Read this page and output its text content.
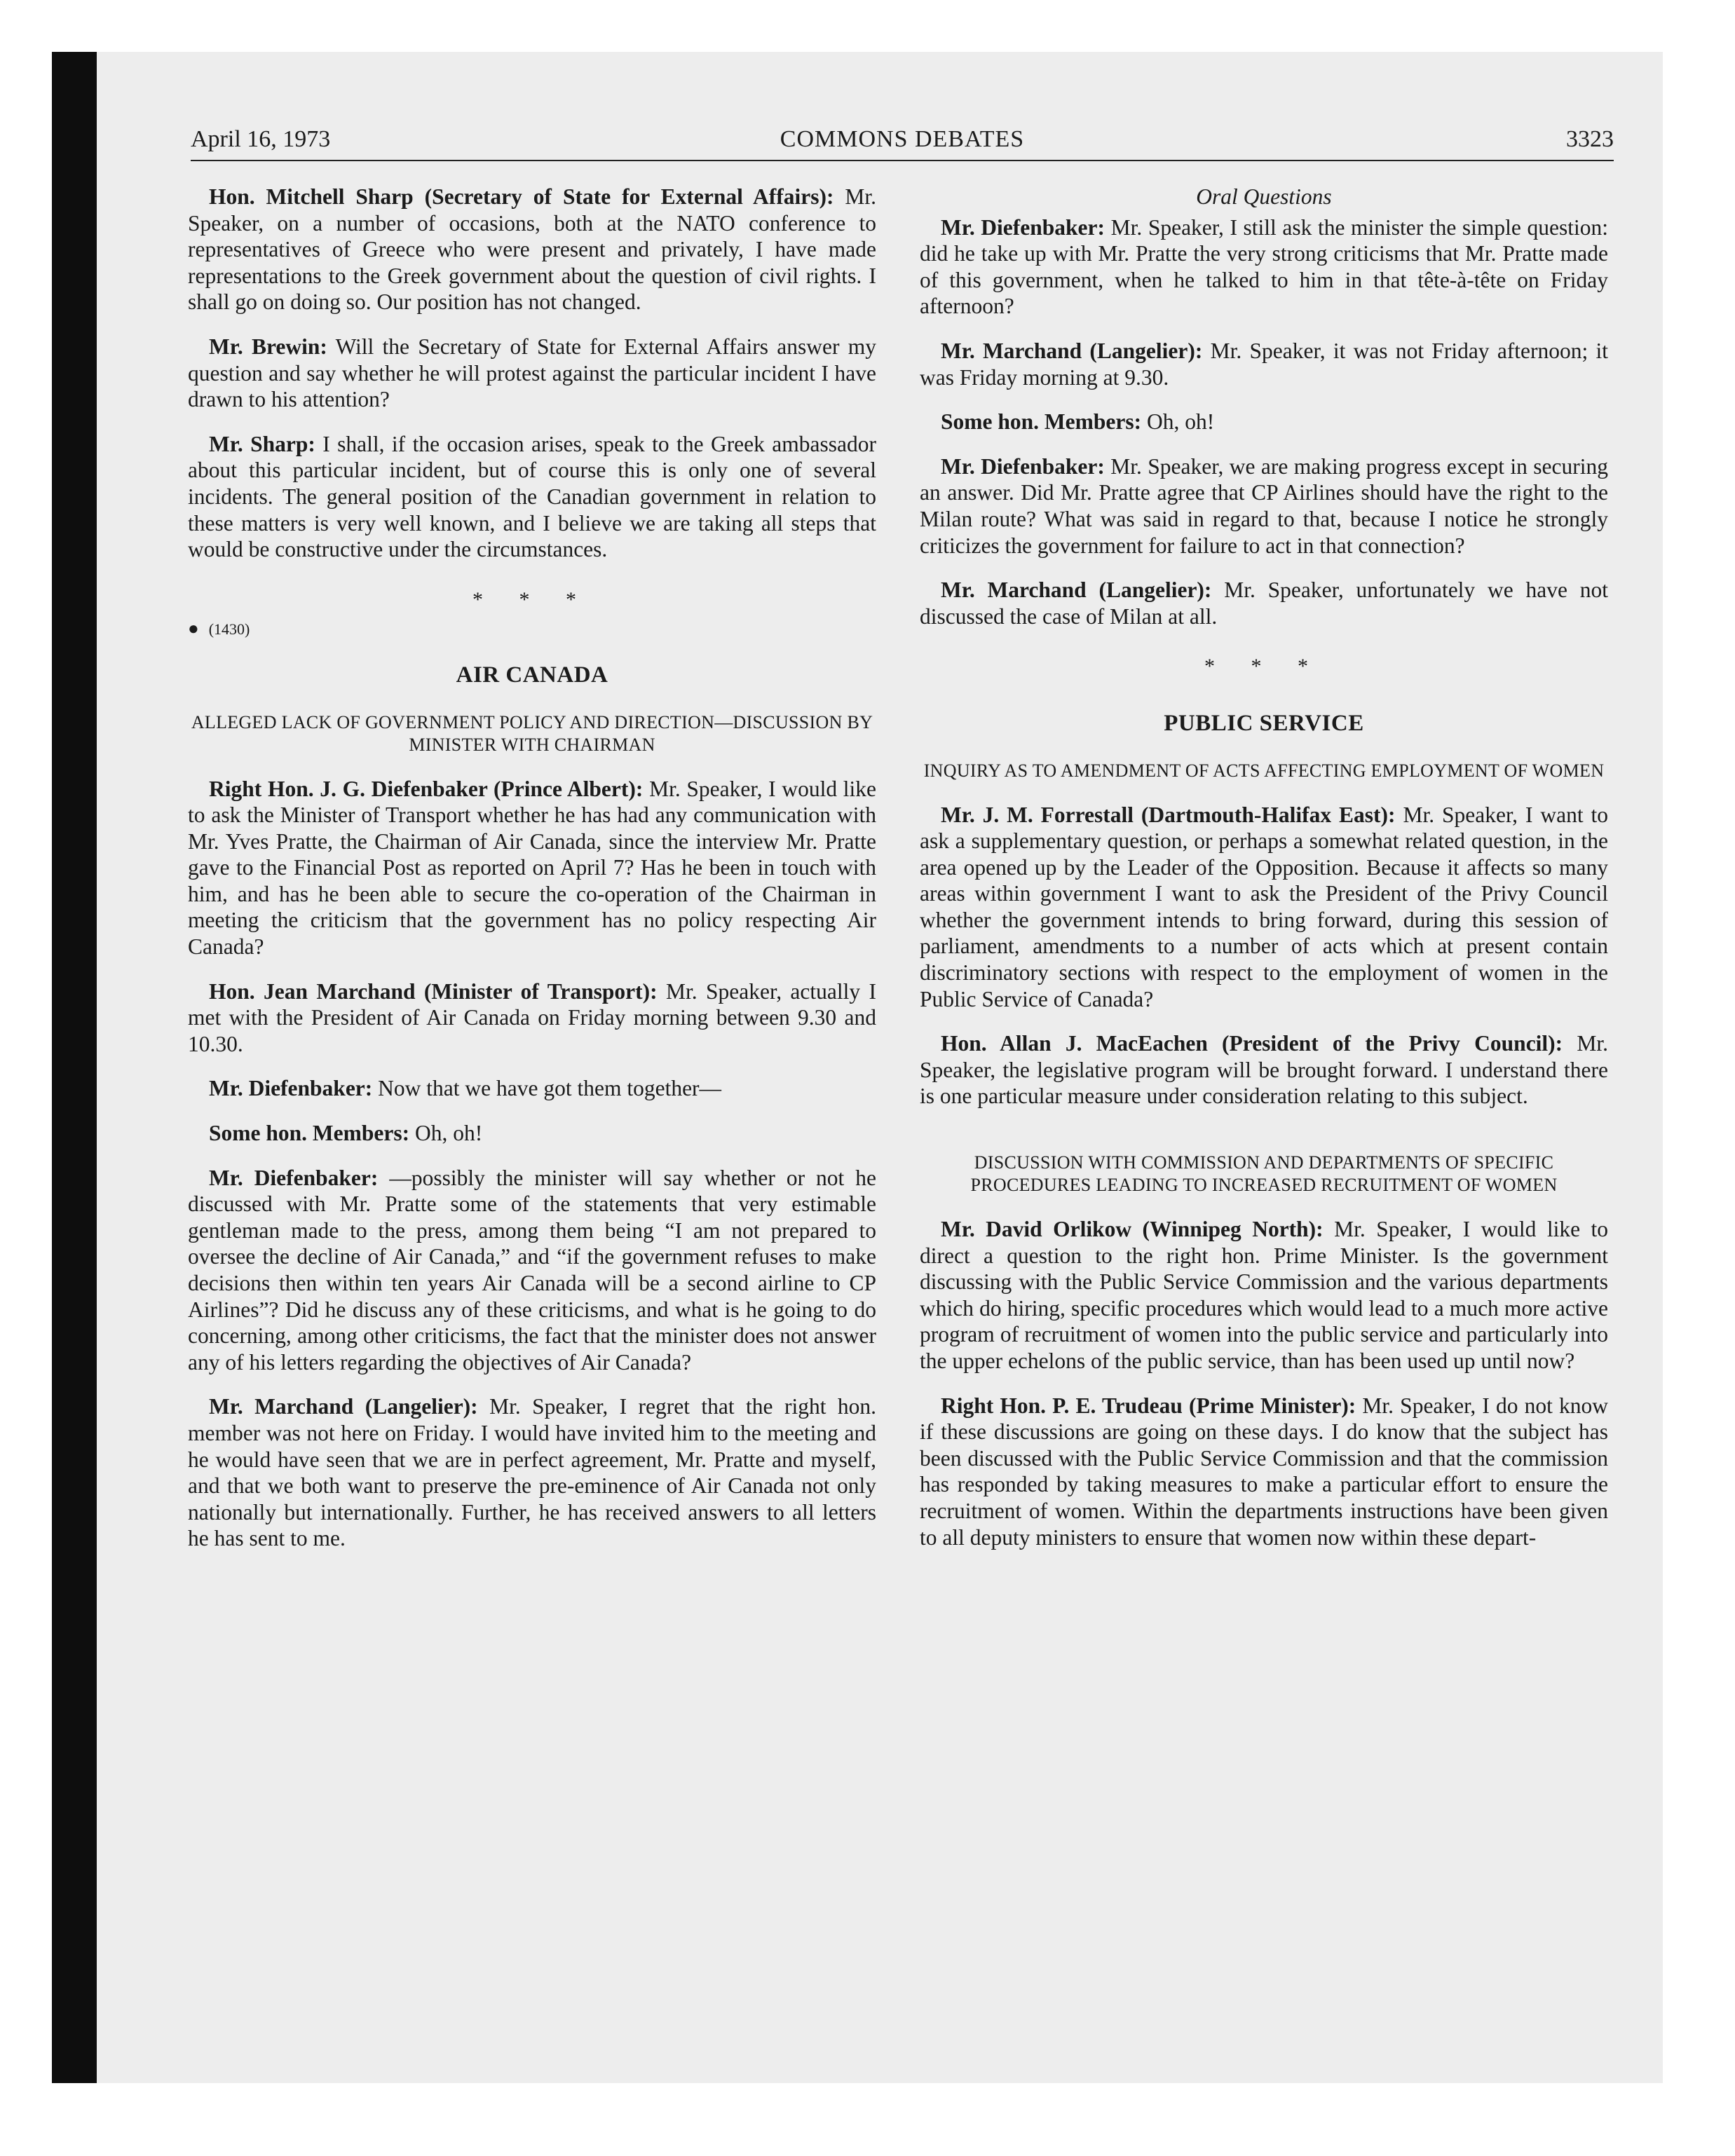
April 16, 1973	COMMONS DEBATES	3323

Hon. Mitchell Sharp (Secretary of State for External Affairs): Mr. Speaker, on a number of occasions, both at the NATO conference to representatives of Greece who were present and privately, I have made representations to the Greek government about the question of civil rights. I shall go on doing so. Our position has not changed.

Mr. Brewin: Will the Secretary of State for External Affairs answer my question and say whether he will protest against the particular incident I have drawn to his attention?

Mr. Sharp: I shall, if the occasion arises, speak to the Greek ambassador about this particular incident, but of course this is only one of several incidents. The general position of the Canadian government in relation to these matters is very well known, and I believe we are taking all steps that would be constructive under the circumstances.

* * *
● (1430)
AIR CANADA
ALLEGED LACK OF GOVERNMENT POLICY AND DIRECTION—DISCUSSION BY MINISTER WITH CHAIRMAN

Right Hon. J. G. Diefenbaker (Prince Albert): Mr. Speaker, I would like to ask the Minister of Transport whether he has had any communication with Mr. Yves Pratte, the Chairman of Air Canada, since the interview Mr. Pratte gave to the Financial Post as reported on April 7? Has he been in touch with him, and has he been able to secure the co-operation of the Chairman in meeting the criticism that the government has no policy respecting Air Canada?

Hon. Jean Marchand (Minister of Transport): Mr. Speaker, actually I met with the President of Air Canada on Friday morning between 9.30 and 10.30.

Mr. Diefenbaker: Now that we have got them together—

Some hon. Members: Oh, oh!

Mr. Diefenbaker: —possibly the minister will say whether or not he discussed with Mr. Pratte some of the statements that very estimable gentleman made to the press, among them being “I am not prepared to oversee the decline of Air Canada,” and “if the government refuses to make decisions then within ten years Air Canada will be a second airline to CP Airlines”? Did he discuss any of these criticisms, and what is he going to do concerning, among other criticisms, the fact that the minister does not answer any of his letters regarding the objectives of Air Canada?

Mr. Marchand (Langelier): Mr. Speaker, I regret that the right hon. member was not here on Friday. I would have invited him to the meeting and he would have seen that we are in perfect agreement, Mr. Pratte and myself, and that we both want to preserve the pre-eminence of Air Canada not only nationally but internationally. Further, he has received answers to all letters he has sent to me.

Oral Questions

Mr. Diefenbaker: Mr. Speaker, I still ask the minister the simple question: did he take up with Mr. Pratte the very strong criticisms that Mr. Pratte made of this government, when he talked to him in that tête-à-tête on Friday afternoon?

Mr. Marchand (Langelier): Mr. Speaker, it was not Friday afternoon; it was Friday morning at 9.30.

Some hon. Members: Oh, oh!

Mr. Diefenbaker: Mr. Speaker, we are making progress except in securing an answer. Did Mr. Pratte agree that CP Airlines should have the right to the Milan route? What was said in regard to that, because I notice he strongly criticizes the government for failure to act in that connection?

Mr. Marchand (Langelier): Mr. Speaker, unfortunately we have not discussed the case of Milan at all.

* * *
PUBLIC SERVICE
INQUIRY AS TO AMENDMENT OF ACTS AFFECTING EMPLOYMENT OF WOMEN

Mr. J. M. Forrestall (Dartmouth-Halifax East): Mr. Speaker, I want to ask a supplementary question, or perhaps a somewhat related question, in the area opened up by the Leader of the Opposition. Because it affects so many areas within government I want to ask the President of the Privy Council whether the government intends to bring forward, during this session of parliament, amendments to a number of acts which at present contain discriminatory sections with respect to the employment of women in the Public Service of Canada?

Hon. Allan J. MacEachen (President of the Privy Council): Mr. Speaker, the legislative program will be brought forward. I understand there is one particular measure under consideration relating to this subject.

DISCUSSION WITH COMMISSION AND DEPARTMENTS OF SPECIFIC PROCEDURES LEADING TO INCREASED RECRUITMENT OF WOMEN

Mr. David Orlikow (Winnipeg North): Mr. Speaker, I would like to direct a question to the right hon. Prime Minister. Is the government discussing with the Public Service Commission and the various departments which do hiring, specific procedures which would lead to a much more active program of recruitment of women into the public service and particularly into the upper echelons of the public service, than has been used up until now?

Right Hon. P. E. Trudeau (Prime Minister): Mr. Speaker, I do not know if these discussions are going on these days. I do know that the subject has been discussed with the Public Service Commission and that the commission has responded by taking measures to make a particular effort to ensure the recruitment of women. Within the departments instructions have been given to all deputy ministers to ensure that women now within these depart-
